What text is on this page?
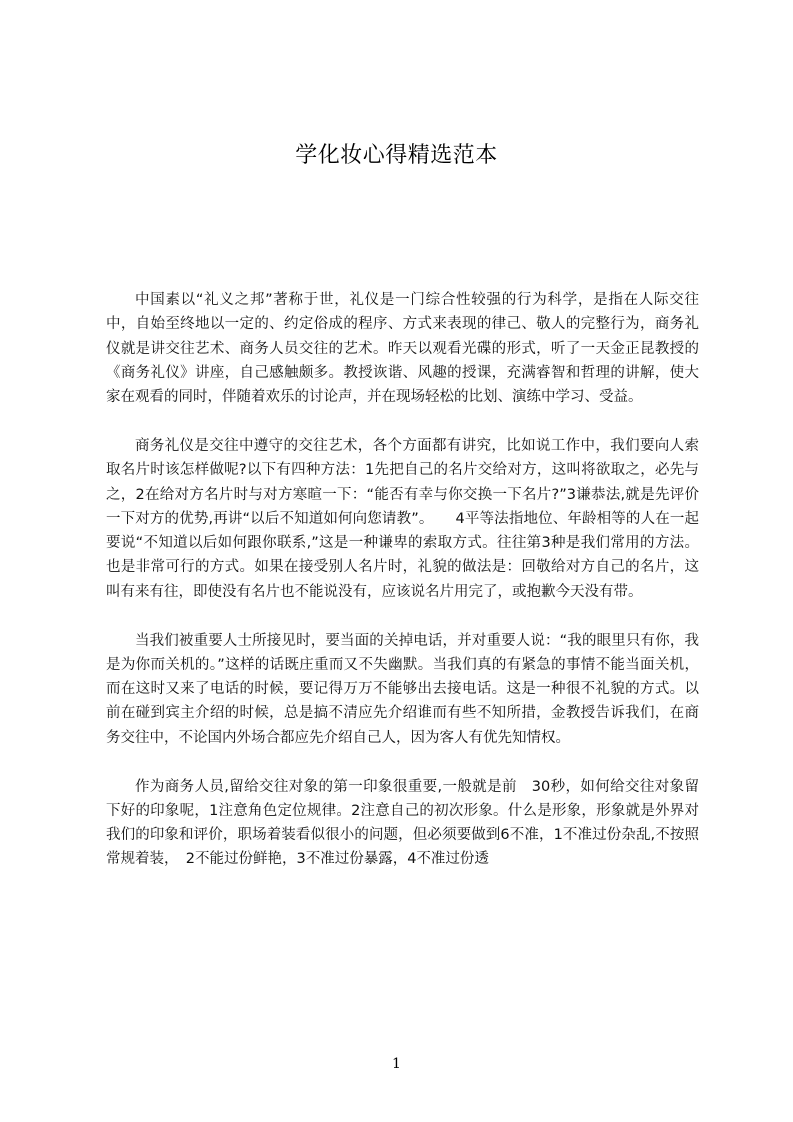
学化妆心得精选范本

中国素以“礼义之邦”著称于世，礼仪是一门综合性较强的行为科学，是指在人际交往中，自始至终地以一定的、约定俗成的程序、方式来表现的律己、敬人的完整行为，商务礼仪就是讲交往艺术、商务人员交往的艺术。昨天以观看光碟的形式，听了一天金正昆教授的《商务礼仪》讲座，自己感触颇多。教授诙谐、风趣的授课，充满睿智和哲理的讲解，使大家在观看的同时，伴随着欢乐的讨论声，并在现场轻松的比划、演练中学习、受益。

商务礼仪是交往中遵守的交往艺术，各个方面都有讲究，比如说工作中，我们要向人索取名片时该怎样做呢?以下有四种方法：1先把自己的名片交给对方，这叫将欲取之，必先与之，2在给对方名片时与对方寒暄一下：“能否有幸与你交换一下名片?”3谦恭法,就是先评价一下对方的优势,再讲“以后不知道如何向您请教”。　　4平等法指地位、年龄相等的人在一起要说“不知道以后如何跟你联系,”这是一种谦卑的索取方式。往往第3种是我们常用的方法。也是非常可行的方式。如果在接受别人名片时，礼貌的做法是：回敬给对方自己的名片，这叫有来有往，即使没有名片也不能说没有，应该说名片用完了，或抱歉今天没有带。

当我们被重要人士所接见时，要当面的关掉电话，并对重要人说：“我的眼里只有你，我是为你而关机的。”这样的话既庄重而又不失幽默。当我们真的有紧急的事情不能当面关机，而在这时又来了电话的时候，要记得万万不能够出去接电话。这是一种很不礼貌的方式。以前在碰到宾主介绍的时候，总是搞不清应先介绍谁而有些不知所措，金教授告诉我们，在商务交往中，不论国内外场合都应先介绍自己人，因为客人有优先知情权。

作为商务人员,留给交往对象的第一印象很重要,一般就是前　30秒，如何给交往对象留下好的印象呢，1注意角色定位规律。2注意自己的初次形象。什么是形象，形象就是外界对我们的印象和评价，职场着装看似很小的问题，但必须要做到6不准，1不准过份杂乱,不按照常规着装，　2不能过份鲜艳，3不准过份暴露，4不准过份透

1
